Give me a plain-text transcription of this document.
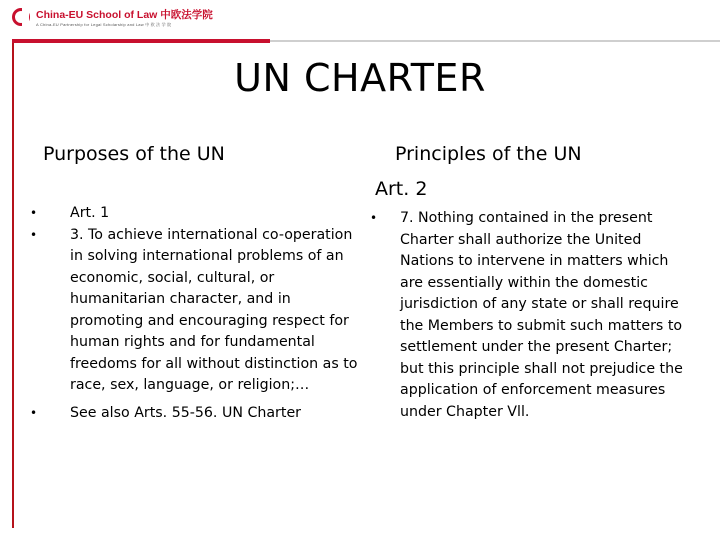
China-EU School of Law 中欧法学院
A China-EU Partnership for Legal Scholarship and Law 中 欧 法 学 院
UN CHARTER
Purposes of the UN	Principles of the UN
Art. 2
• Art. 1
• 3. To achieve international co-operation in solving international problems of an economic, social, cultural, or humanitarian character, and in promoting and encouraging respect for human rights and for fundamental freedoms for all without distinction as to race, sex, language, or religion;…
• See also Arts. 55-56. UN Charter
• 7. Nothing contained in the present Charter shall authorize the United Nations to intervene in matters which are essentially within the domestic jurisdiction of any state or shall require the Members to submit such matters to settlement under the present Charter; but this principle shall not prejudice the application of enforcement measures under Chapter Vll.
